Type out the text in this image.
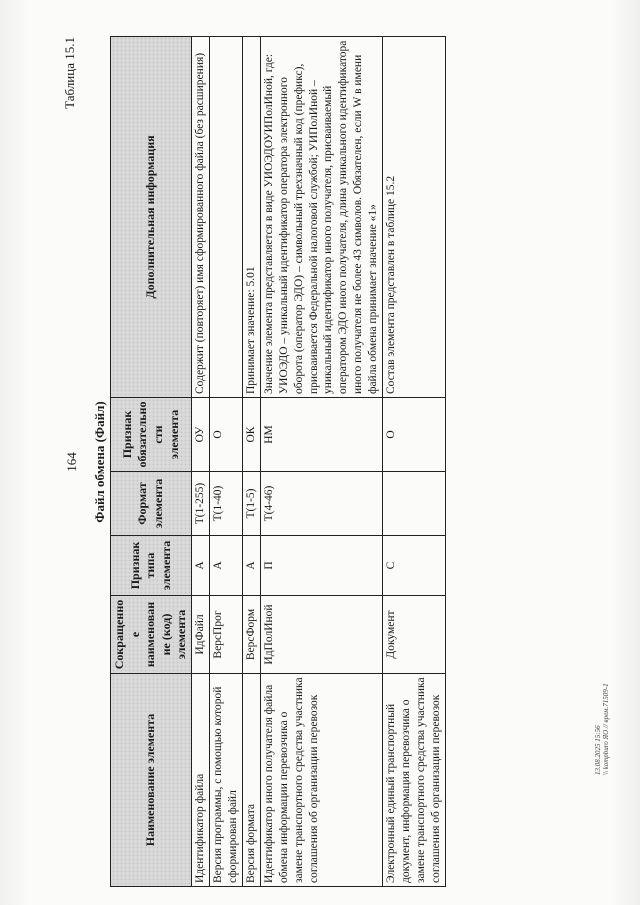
164
Таблица 15.1
Файл обмена (Файл)
Наименование элемента	Сокращенное наименование (код) элемента	Признак типа элемента	Формат элемента	Признак обязательности элемента	Дополнительная информация
Идентификатор файла	ИдФайл	А	T(1-255)	ОУ	Содержит (повторяет) имя сформированного файла (без расширения)
Версия программы, с помощью которой сформирован файл	ВерсПрог	А	T(1-40)	О	
Версия формата	ВерсФорм	А	T(1-5)	ОК	Принимает значение: 5.01
Идентификатор иного получателя файла обмена информации перевозчика о замене транспортного средства участника соглашения об организации перевозок	ИдПолИной	П	T(4-46)	НМ	Значение элемента представляется в виде УИОЭДОУИПолИной, где: УИОЭДО – уникальный идентификатор оператора электронного оборота (оператор ЭДО) – символьный трехзначный код (префикс), присваивается Федеральной налоговой службой; УИПолИной – уникальный идентификатор иного получателя, присваиваемый оператором ЭДО иного получателя, длина уникального идентификатора иного получателя не более 43 символов. Обязателен, если W в имени файла обмена принимает значение «1»
Электронный единый транспортный документ, информация перевозчика о замене транспортного средства участника соглашения об организации перевозок	Документ	С		О	Состав элемента представлен в таблице 15.2
13.08.2025 15:56 \\ kompburo ЯО // врем.71509-1
